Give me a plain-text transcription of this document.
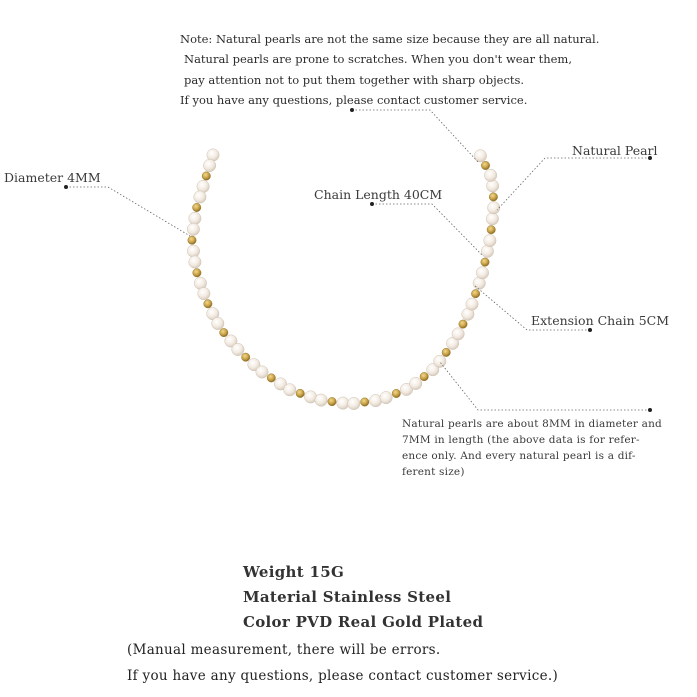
Note: Natural pearls are not the same size because they are all natural.
Natural pearls are prone to scratches. When you don't wear them,
pay attention not to put them together with sharp objects.
If you have any questions, please contact customer service.
Diameter 4MM
Natural Pearl
Chain Length 40CM
Extension Chain 5CM
Natural pearls are about 8MM in diameter and 7MM in length (the above data is for refer- ence only. And every natural pearl is a dif- ferent size)
Weight 15G
Material Stainless Steel
Color PVD Real Gold Plated
(Manual measurement, there will be errors.
If you have any questions, please contact customer service.)
